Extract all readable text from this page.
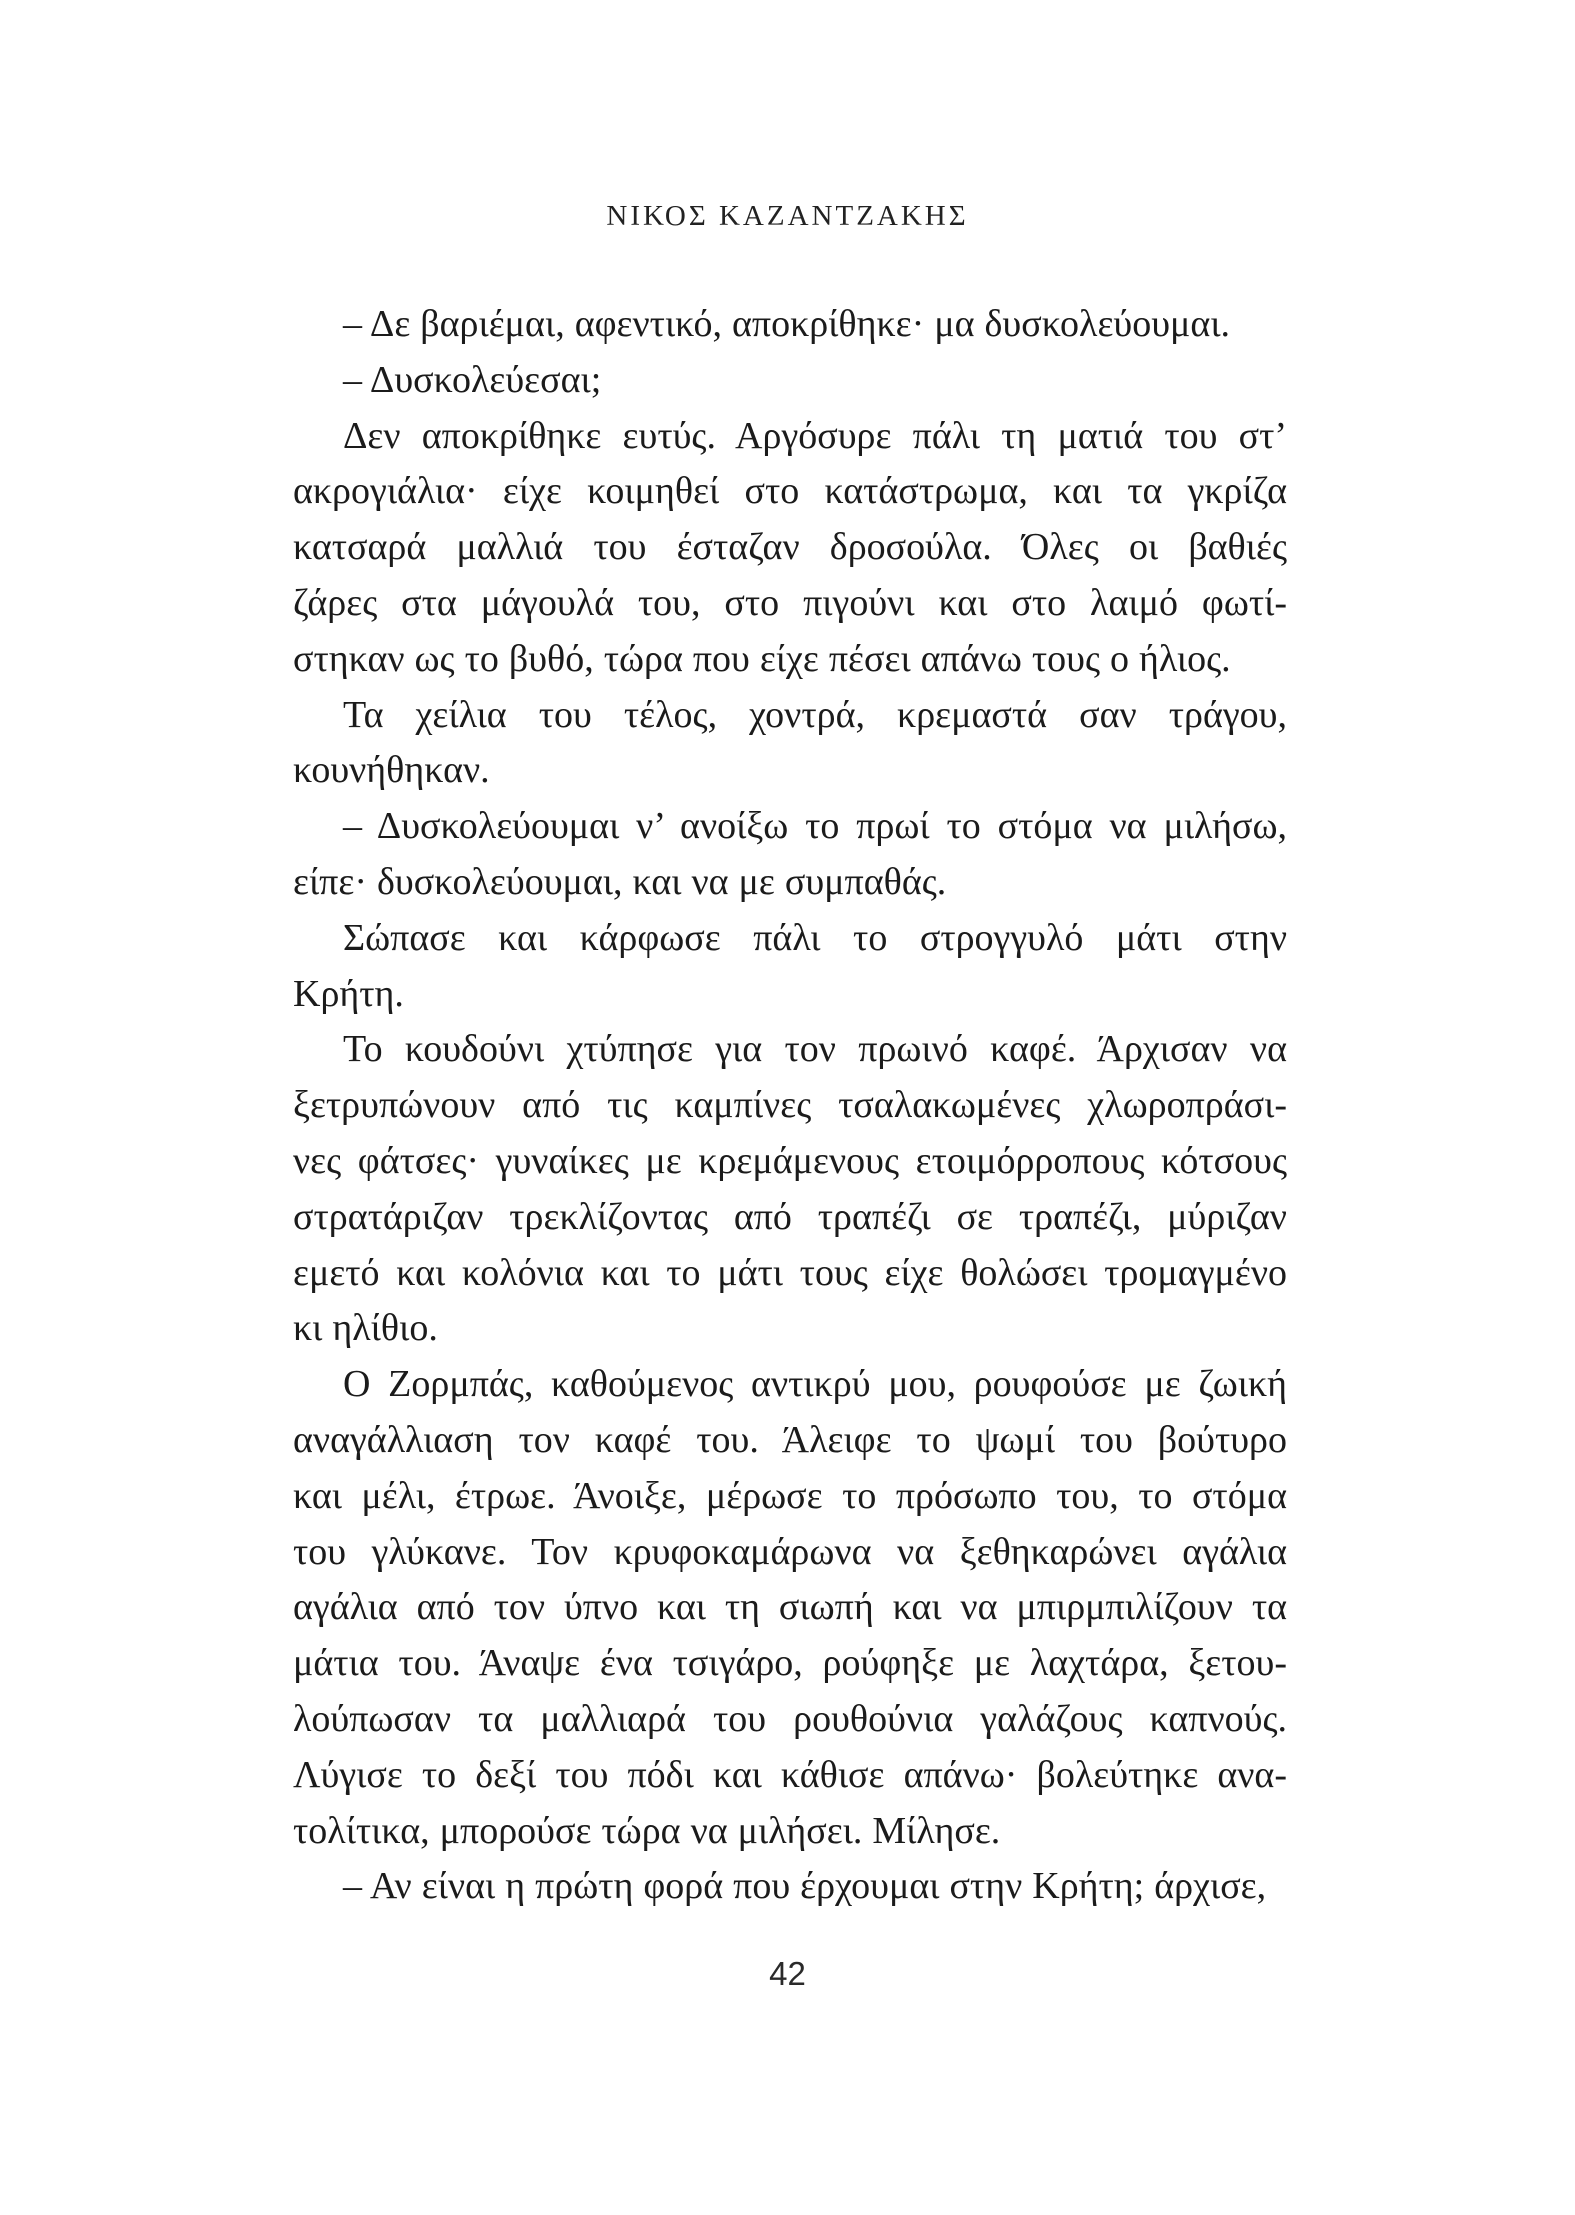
ΝΙΚΟΣ ΚΑΖΑΝΤΖΑΚΗΣ
– Δε βαριέμαι, αφεντικό, αποκρίθηκε· μα δυσκολεύουμαι.
– Δυσκολεύεσαι;
Δεν αποκρίθηκε ευτύς. Αργόσυρε πάλι τη ματιά του στ’
ακρογιάλια· είχε κοιμηθεί στο κατάστρωμα, και τα γκρίζα
κατσαρά μαλλιά του έσταζαν δροσούλα. Όλες οι βαθιές
ζάρες στα μάγουλά του, στο πιγούνι και στο λαιμό φωτί-
στηκαν ως το βυθό, τώρα που είχε πέσει απάνω τους ο ήλιος.
Τα χείλια του τέλος, χοντρά, κρεμαστά σαν τράγου,
κουνήθηκαν.
– Δυσκολεύουμαι ν’ ανοίξω το πρωί το στόμα να μιλήσω,
είπε· δυσκολεύουμαι, και να με συμπαθάς.
Σώπασε και κάρφωσε πάλι το στρογγυλό μάτι στην
Κρήτη.
Το κουδούνι χτύπησε για τον πρωινό καφέ. Άρχισαν να
ξετρυπώνουν από τις καμπίνες τσαλακωμένες χλωροπράσι-
νες φάτσες· γυναίκες με κρεμάμενους ετοιμόρροπους κότσους
στρατάριζαν τρεκλίζοντας από τραπέζι σε τραπέζι, μύριζαν
εμετό και κολόνια και το μάτι τους είχε θολώσει τρομαγμένο
κι ηλίθιο.
Ο Ζορμπάς, καθούμενος αντικρύ μου, ρουφούσε με ζωική
αναγάλλιαση τον καφέ του. Άλειφε το ψωμί του βούτυρο
και μέλι, έτρωε. Άνοιξε, μέρωσε το πρόσωπο του, το στόμα
του γλύκανε. Τον κρυφοκαμάρωνα να ξεθηκαρώνει αγάλια
αγάλια από τον ύπνο και τη σιωπή και να μπιρμπιλίζουν τα
μάτια του. Άναψε ένα τσιγάρο, ρούφηξε με λαχτάρα, ξετου-
λούπωσαν τα μαλλιαρά του ρουθούνια γαλάζους καπνούς.
Λύγισε το δεξί του πόδι και κάθισε απάνω· βολεύτηκε ανα-
τολίτικα, μπορούσε τώρα να μιλήσει. Μίλησε.
– Αν είναι η πρώτη φορά που έρχουμαι στην Κρήτη; άρχισε,
42
